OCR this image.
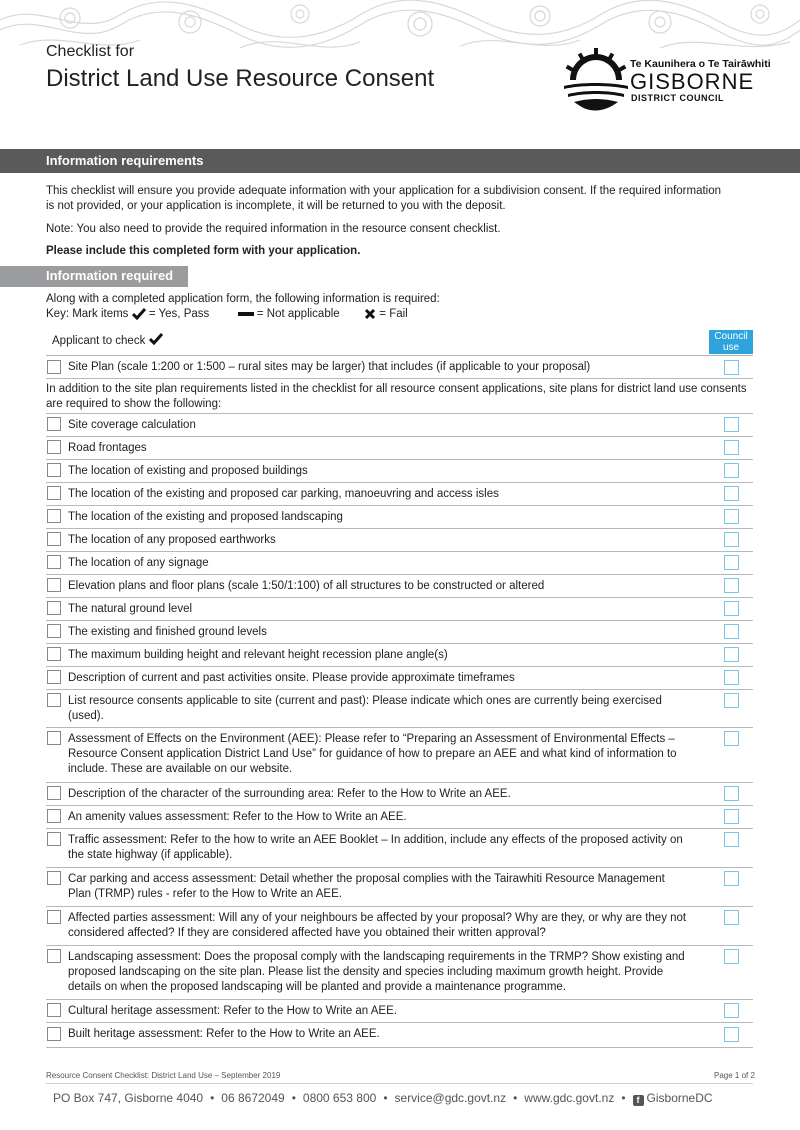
Checklist for
District Land Use Resource Consent
Te Kaunihera o Te Tairāwhiti
GISBORNE
DISTRICT COUNCIL
Information requirements
This checklist will ensure you provide adequate information with your application for a subdivision consent. If the required information is not provided, or your application is incomplete, it will be returned to you with the deposit.
Note: You also need to provide the required information in the resource consent checklist.
Please include this completed form with your application.
Information required
Along with a completed application form, the following information is required:
Key: Mark items = Yes, Pass	= Not applicable	= Fail
Applicant to check	Council use
Site Plan (scale 1:200 or 1:500 – rural sites may be larger) that includes (if applicable to your proposal)
In addition to the site plan requirements listed in the checklist for all resource consent applications, site plans for district land use consents are required to show the following:
Site coverage calculation
Road frontages
The location of existing and proposed buildings
The location of the existing and proposed car parking, manoeuvring and access isles
The location of the existing and proposed landscaping
The location of any proposed earthworks
The location of any signage
Elevation plans and floor plans (scale 1:50/1:100) of all structures to be constructed or altered
The natural ground level
The existing and finished ground levels
The maximum building height and relevant height recession plane angle(s)
Description of current and past activities onsite. Please provide approximate timeframes
List resource consents applicable to site (current and past): Please indicate which ones are currently being exercised (used).
Assessment of Effects on the Environment (AEE): Please refer to “Preparing an Assessment of Environmental Effects – Resource Consent application District Land Use” for guidance of how to prepare an AEE and what kind of information to include. These are available on our website.
Description of the character of the surrounding area: Refer to the How to Write an AEE.
An amenity values assessment: Refer to the How to Write an AEE.
Traffic assessment: Refer to the how to write an AEE Booklet – In addition, include any effects of the proposed activity on the state highway (if applicable).
Car parking and access assessment: Detail whether the proposal complies with the Tairawhiti Resource Management Plan (TRMP) rules - refer to the How to Write an AEE.
Affected parties assessment: Will any of your neighbours be affected by your proposal? Why are they, or why are they not considered affected? If they are considered affected have you obtained their written approval?
Landscaping assessment: Does the proposal comply with the landscaping requirements in the TRMP? Show existing and proposed landscaping on the site plan. Please list the density and species including maximum growth height. Provide details on when the proposed landscaping will be planted and provide a maintenance programme.
Cultural heritage assessment: Refer to the How to Write an AEE.
Built heritage assessment: Refer to the How to Write an AEE.
Resource Consent Checklist: District Land Use – September 2019	Page 1 of 2
PO Box 747, Gisborne 4040 • 06 8672049 • 0800 653 800 • service@gdc.govt.nz • www.gdc.govt.nz • f GisborneDC
